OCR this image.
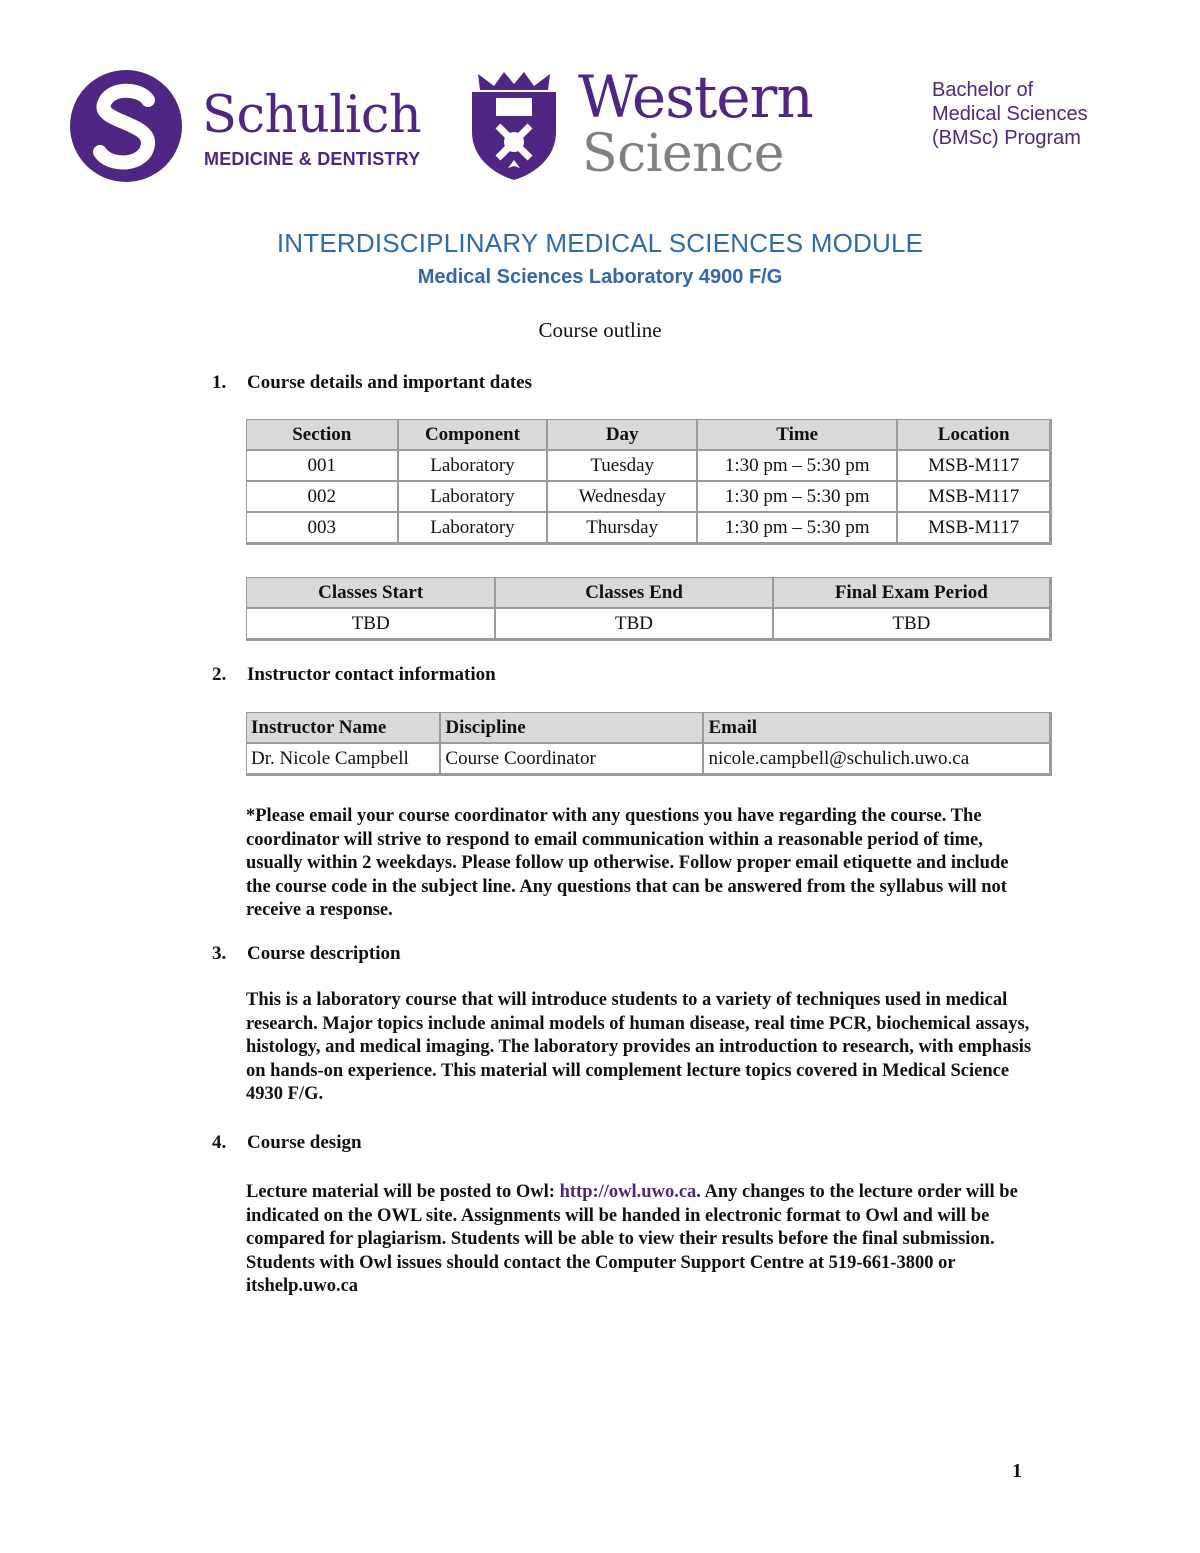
Schulich
MEDICINE & DENTISTRY
Western
Science
Bachelor of
Medical Sciences
(BMSc) Program
INTERDISCIPLINARY MEDICAL SCIENCES MODULE
Medical Sciences Laboratory 4900 F/G
Course outline
1. Course details and important dates
Section	Component	Day	Time	Location
001	Laboratory	Tuesday	1:30 pm – 5:30 pm	MSB-M117
002	Laboratory	Wednesday	1:30 pm – 5:30 pm	MSB-M117
003	Laboratory	Thursday	1:30 pm – 5:30 pm	MSB-M117
Classes Start	Classes End	Final Exam Period
TBD	TBD	TBD
2. Instructor contact information
Instructor Name	Discipline	Email
Dr. Nicole Campbell	Course Coordinator	nicole.campbell@schulich.uwo.ca
*Please email your course coordinator with any questions you have regarding the course. The coordinator will strive to respond to email communication within a reasonable period of time, usually within 2 weekdays. Please follow up otherwise. Follow proper email etiquette and include the course code in the subject line. Any questions that can be answered from the syllabus will not receive a response.
3. Course description
This is a laboratory course that will introduce students to a variety of techniques used in medical research. Major topics include animal models of human disease, real time PCR, biochemical assays, histology, and medical imaging. The laboratory provides an introduction to research, with emphasis on hands-on experience. This material will complement lecture topics covered in Medical Science 4930 F/G.
4. Course design
Lecture material will be posted to Owl: http://owl.uwo.ca. Any changes to the lecture order will be indicated on the OWL site. Assignments will be handed in electronic format to Owl and will be compared for plagiarism. Students will be able to view their results before the final submission. Students with Owl issues should contact the Computer Support Centre at 519-661-3800 or itshelp.uwo.ca
1
